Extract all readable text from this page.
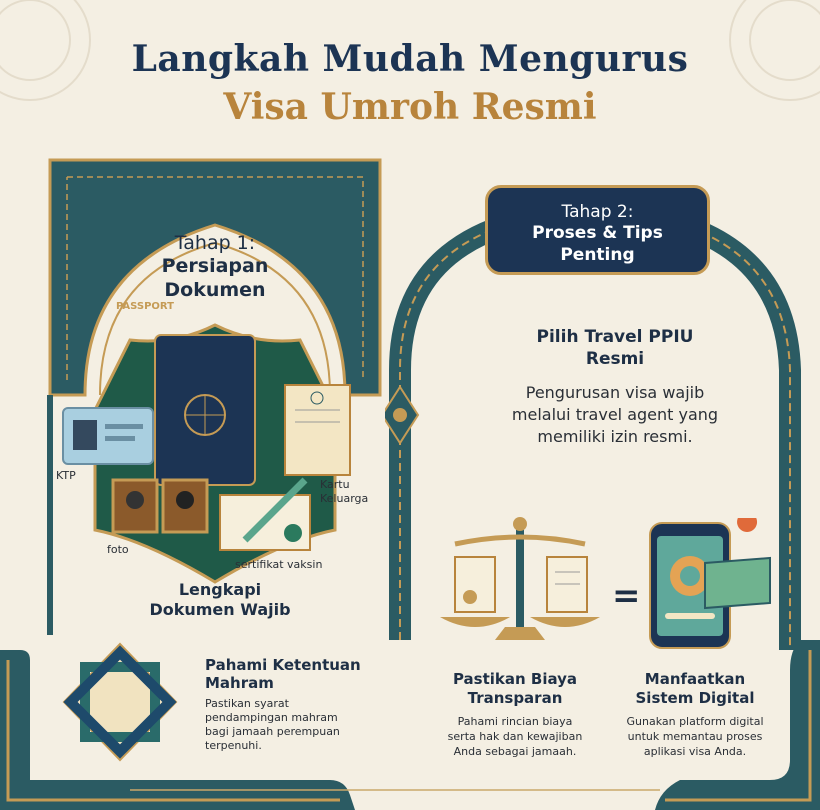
Langkah Mudah Mengurus
Visa Umroh Resmi
Tahap 1:
Persiapan
Dokumen
KTP
foto
Kartu
Keluarga
sertifikat vaksin
PASSPORT
Lengkapi
Dokumen Wajib
Pahami Ketentuan
Mahram
Pastikan syarat
pendampingan mahram
bagi jamaah perempuan
terpenuhi.
Tahap 2:
Proses & Tips
Penting
Pilih Travel PPIU
Resmi
Pengurusan visa wajib
melalui travel agent yang
memiliki izin resmi.
=
Pastikan Biaya
Transparan
Pahami rincian biaya
serta hak dan kewajiban
Anda sebagai jamaah.
Manfaatkan
Sistem Digital
Gunakan platform digital
untuk memantau proses
aplikasi visa Anda.
